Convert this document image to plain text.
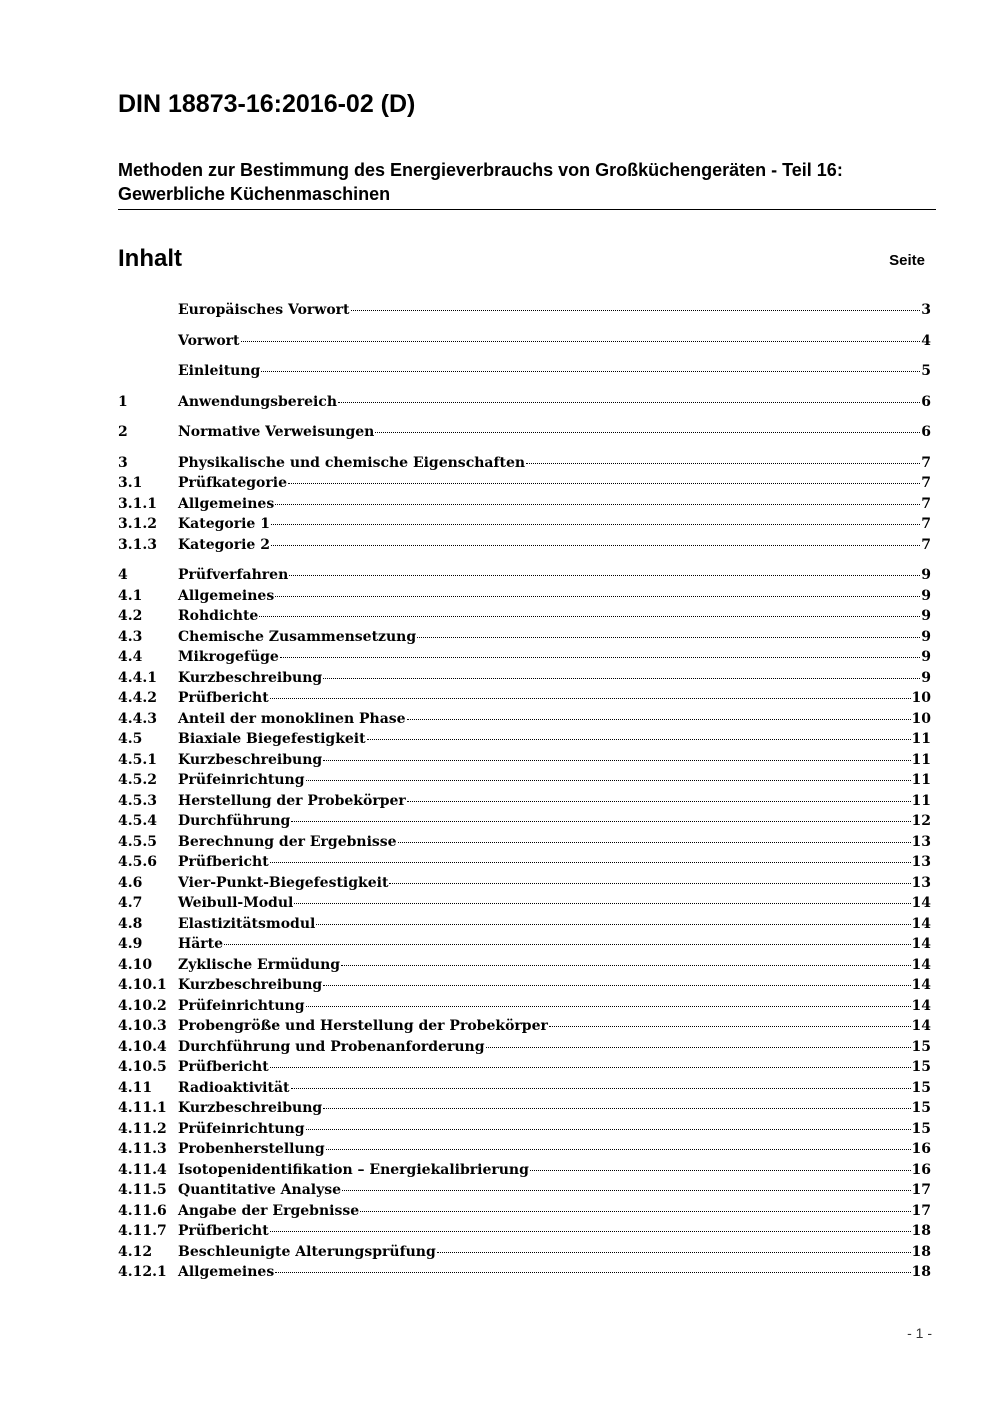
DIN 18873-16:2016-02 (D)
Methoden zur Bestimmung des Energieverbrauchs von Großküchengeräten - Teil 16: Gewerbliche Küchenmaschinen
Inhalt	Seite
Europäisches Vorwort	3
Vorwort	4
Einleitung	5
1	Anwendungsbereich	6
2	Normative Verweisungen	6
3	Physikalische und chemische Eigenschaften	7
3.1	Prüfkategorie	7
3.1.1	Allgemeines	7
3.1.2	Kategorie 1	7
3.1.3	Kategorie 2	7
4	Prüfverfahren	9
4.1	Allgemeines	9
4.2	Rohdichte	9
4.3	Chemische Zusammensetzung	9
4.4	Mikrogefüge	9
4.4.1	Kurzbeschreibung	9
4.4.2	Prüfbericht	10
4.4.3	Anteil der monoklinen Phase	10
4.5	Biaxiale Biegefestigkeit	11
4.5.1	Kurzbeschreibung	11
4.5.2	Prüfeinrichtung	11
4.5.3	Herstellung der Probekörper	11
4.5.4	Durchführung	12
4.5.5	Berechnung der Ergebnisse	13
4.5.6	Prüfbericht	13
4.6	Vier-Punkt-Biegefestigkeit	13
4.7	Weibull-Modul	14
4.8	Elastizitätsmodul	14
4.9	Härte	14
4.10	Zyklische Ermüdung	14
4.10.1 Kurzbeschreibung	14
4.10.2 Prüfeinrichtung	14
4.10.3 Probengröße und Herstellung der Probekörper	14
4.10.4 Durchführung und Probenanforderung	15
4.10.5 Prüfbericht	15
4.11	Radioaktivität	15
4.11.1 Kurzbeschreibung	15
4.11.2 Prüfeinrichtung	15
4.11.3 Probenherstellung	16
4.11.4 Isotopenidentifikation – Energiekalibrierung	16
4.11.5 Quantitative Analyse	17
4.11.6 Angabe der Ergebnisse	17
4.11.7 Prüfbericht	18
4.12	Beschleunigte Alterungsprüfung	18
4.12.1 Allgemeines	18
- 1 -
